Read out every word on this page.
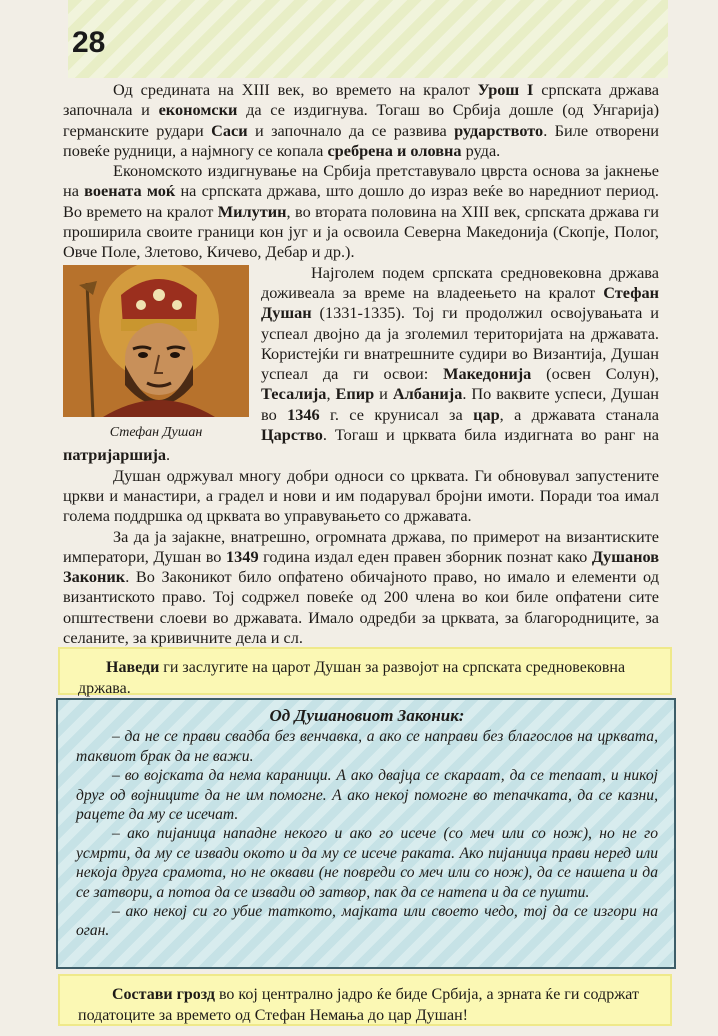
28

Од средината на XIII век, во времето на кралот Урош I српската држава започнала и економски да се издигнува. Тогаш во Србија дошле (од Унгарија) германските рудари Саси и започнало да се развива рударството. Биле отворени повеќе рудници, а најмногу се копала сребрена и оловна руда.

Економското издигнување на Србија претставувало цврста основа за јакнење на воената моќ на српската држава, што дошло до израз веќе во наредниот период. Во времето на кралот Милутин, во втората половина на XIII век, српската држава ги проширила своите граници кон југ и ја освоила Северна Македонија (Скопје, Полог, Овче Поле, Злетово, Кичево, Дебар и др.).

Стефан Душан

Најголем подем српската средновековна држава доживеала за време на владеењето на кралот Стефан Душан (1331-1335). Тој ги продолжил освојувањата и успеал двојно да ја зголемил територијата на државата. Користејќи ги внатрешните судири во Византија, Душан успеал да ги освои: Македонија (освен Солун), Тесалија, Епир и Албанија. По ваквите успеси, Душан во 1346 г. се крунисал за цар, а државата станала Царство. Тогаш и црквата била издигната во ранг на патријаршија.

Душан одржувал многу добри односи со црквата. Ги обновувал запустените цркви и манастири, а градел и нови и им подарувал бројни имоти. Поради тоа имал голема поддршка од црквата во управувањето со државата.

За да ја зајакне, внатрешно, огромната држава, по примерот на византиските императори, Душан во 1349 година издал еден правен зборник познат како Душанов Законик. Во Законикот било опфатено обичајното право, но имало и елементи од византиското право. Тој содржел повеќе од 200 члена во кои биле опфатени сите општествени слоеви во државата. Имало одредби за црквата, за благородниците, за селаните, за кривичните дела и сл.

Наведи ги заслугите на царот Душан за развојот на српската средновековна држава.
Од Душановиот Законик:

– да не се прави свадба без венчавка, а ако се направи без благослов на црквата, таквиот брак да не важи.

– во војската да нема караници. А ако двајца се скараат, да се тепаат, и никој друг од војниците да не им помогне. А ако некој помогне во тепачката, да се казни, рацете да му се исечат.

– ако пијаница нападне некого и ако го исече (со меч или со нож), но не го усмрти, да му се извади окото и да му се исече раката. Ако пијаница прави неред или некоја друга срамота, но не оквави (не повреди со меч или со нож), да се нашепа и да се затвори, а потоа да се извади од затвор, пак да се натепа и да се пушти.

– ако некој си го убие таткото, мајката или своето чедо, тој да се изгори на оган.

Состави грозд во кој централно јадро ќе биде Србија, а зрната ќе ги содржат податоците за времето од Стефан Немања до цар Душан!
